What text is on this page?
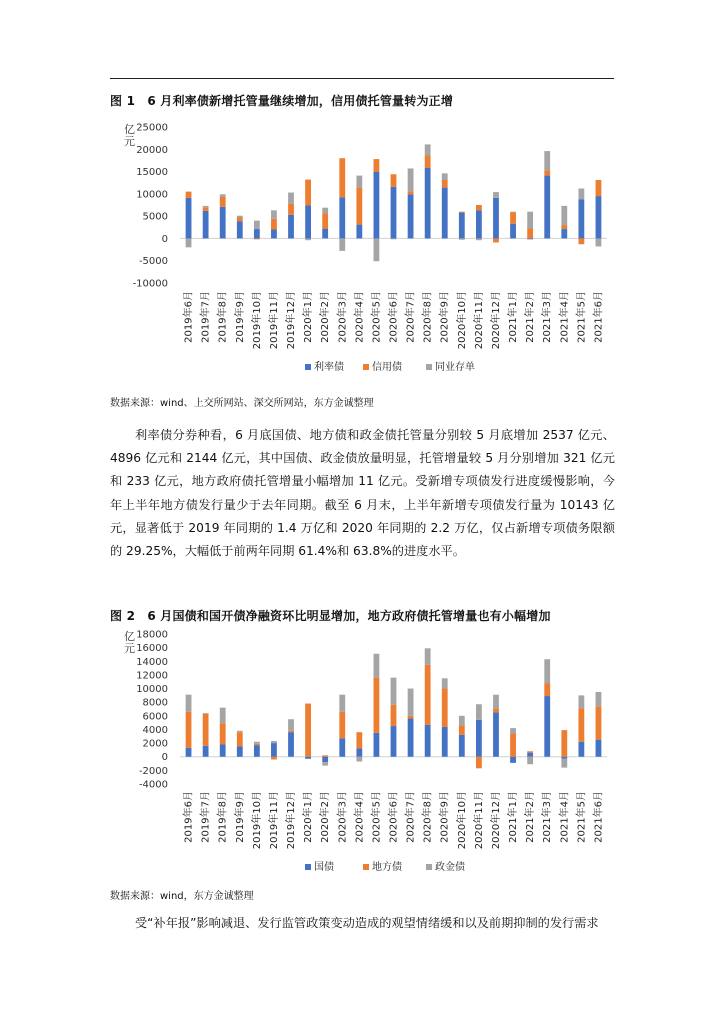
图 1　6 月利率债新增托管量继续增加，信用债托管量转为正增
亿元
25000
20000
15000
10000
5000
0
-5000
-10000
2019年6月 2019年7月 2019年8月 2019年9月 2019年10月 2019年11月 2019年12月 2020年1月 2020年2月 2020年3月 2020年4月 2020年5月 2020年6月 2020年7月 2020年8月 2020年9月 2020年10月 2020年11月 2020年12月 2021年1月 2021年2月 2021年3月 2021年4月 2021年5月 2021年6月
利率债	信用债	同业存单
数据来源：wind、上交所网站、深交所网站，东方金诚整理

利率债分券种看，6 月底国债、地方债和政金债托管量分别较 5 月底增加 2537 亿元、4896 亿元和 2144 亿元，其中国债、政金债放量明显，托管增量较 5 月分别增加 321 亿元和 233 亿元，地方政府债托管增量小幅增加 11 亿元。受新增专项债发行进度缓慢影响，今年上半年地方债发行量少于去年同期。截至 6 月末，上半年新增专项债发行量为 10143 亿元，显著低于 2019 年同期的 1.4 万亿和 2020 年同期的 2.2 万亿，仅占新增专项债务限额的 29.25%，大幅低于前两年同期 61.4%和 63.8%的进度水平。

图 2　6 月国债和国开债净融资环比明显增加，地方政府债托管增量也有小幅增加
亿元
18000
16000
14000
12000
10000
8000
6000
4000
2000
0
-2000
-4000
2019年6月 2019年7月 2019年8月 2019年9月 2019年10月 2019年11月 2019年12月 2020年1月 2020年2月 2020年3月 2020年4月 2020年5月 2020年6月 2020年7月 2020年8月 2020年9月 2020年10月 2020年11月 2020年12月 2021年1月 2021年2月 2021年3月 2021年4月 2021年5月 2021年6月
国债	地方债	政金债
数据来源：wind，东方金诚整理

受“补年报”影响减退、发行监管政策变动造成的观望情绪缓和以及前期抑制的发行需求
